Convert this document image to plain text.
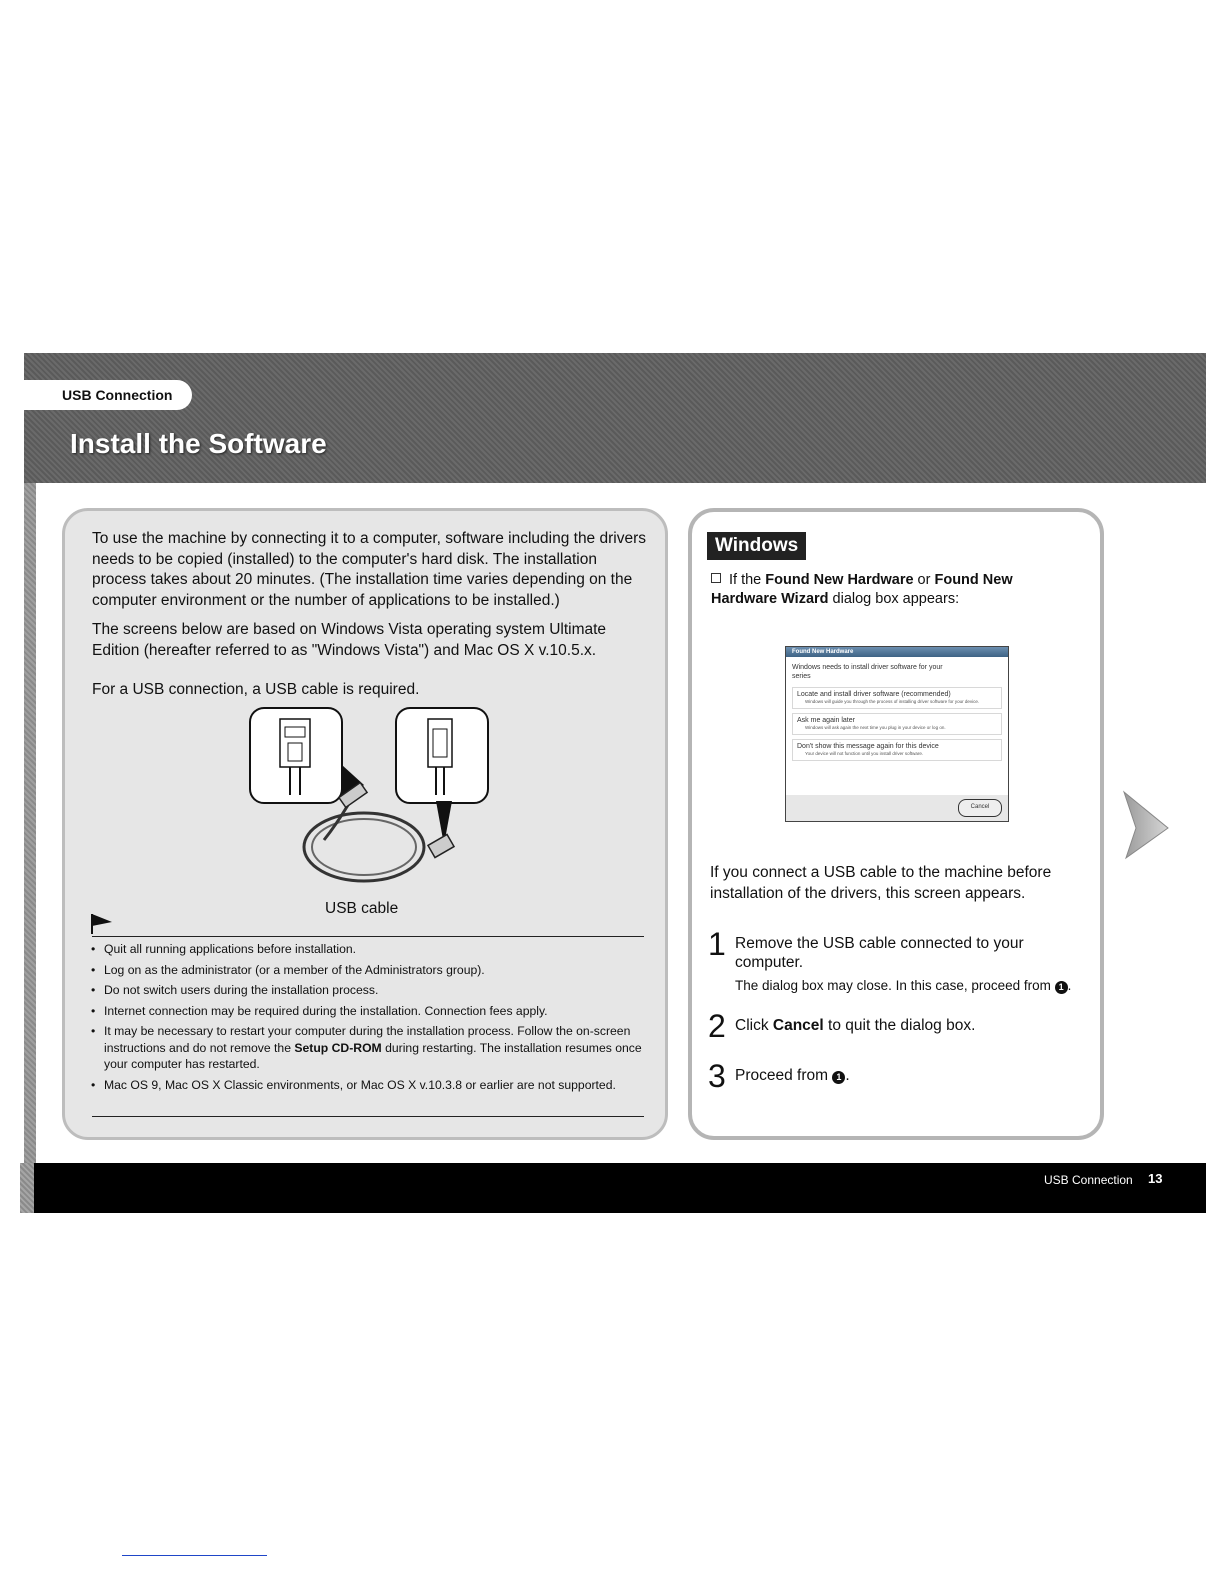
USB Connection
Install the Software

To use the machine by connecting it to a computer, software including the drivers needs to be copied (installed) to the computer's hard disk. The installation process takes about 20 minutes. (The installation time varies depending on the computer environment or the number of applications to be installed.)

The screens below are based on Windows Vista operating system Ultimate Edition (hereafter referred to as "Windows Vista") and Mac OS X v.10.5.x.

For a USB connection, a USB cable is required.

USB cable

• Quit all running applications before installation.
• Log on as the administrator (or a member of the Administrators group).
• Do not switch users during the installation process.
• Internet connection may be required during the installation. Connection fees apply.
• It may be necessary to restart your computer during the installation process. Follow the on-screen instructions and do not remove the Setup CD-ROM during restarting. The installation resumes once your computer has restarted.
• Mac OS 9, Mac OS X Classic environments, or Mac OS X v.10.3.8 or earlier are not supported.
Windows

If the Found New Hardware or Found New Hardware Wizard dialog box appears:

Found New Hardware

Windows needs to install driver software for your
series

Locate and install driver software (recommended)
Windows will guide you through the process of installing driver software for your device.
Ask me again later
Windows will ask again the next time you plug in your device or log on.
Don't show this message again for this device
Your device will not function until you install driver software.
Cancel

If you connect a USB cable to the machine before installation of the drivers, this screen appears.

1 Remove the USB cable connected to your computer.

The dialog box may close. In this case, proceed from 1 .

2 Click Cancel to quit the dialog box.

3 Proceed from 1 .

USB Connection 13
